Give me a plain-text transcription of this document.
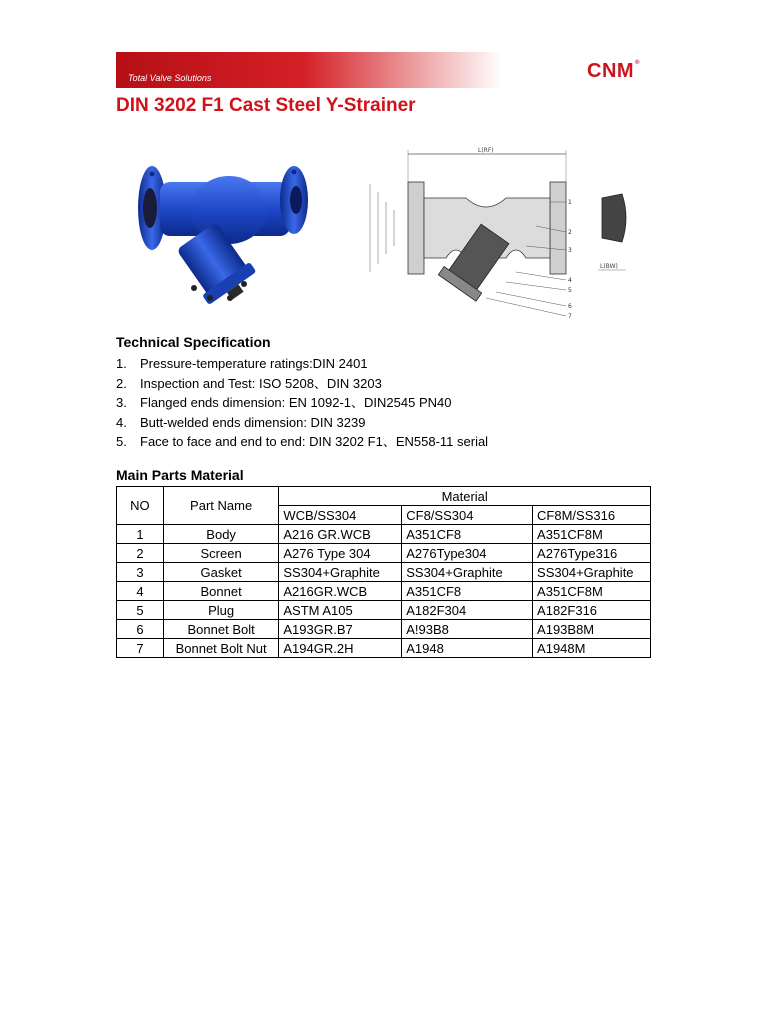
Total Valve Solutions	CNM®
DIN 3202 F1 Cast Steel Y-Strainer
L(RF)
1
2
3
4
5
6
7
L(BW)
Technical Specification
1. Pressure-temperature ratings:DIN 2401
2. Inspection and Test: ISO 5208、DIN 3203
3. Flanged ends dimension: EN 1092-1、DIN2545 PN40
4. Butt-welded ends dimension: DIN 3239
5. Face to face and end to end: DIN 3202 F1、EN558-11 serial
Main Parts Material
NO	Part Name	Material		
		WCB/SS304	CF8/SS304	CF8M/SS316
1	Body	A216 GR.WCB	A351CF8	A351CF8M
2	Screen	A276 Type 304	A276Type304	A276Type316
3	Gasket	SS304+Graphite	SS304+Graphite	SS304+Graphite
4	Bonnet	A216GR.WCB	A351CF8	A351CF8M
5	Plug	ASTM A105	A182F304	A182F316
6	Bonnet Bolt	A193GR.B7	A!93B8	A193B8M
7	Bonnet Bolt Nut	A194GR.2H	A1948	A1948M
